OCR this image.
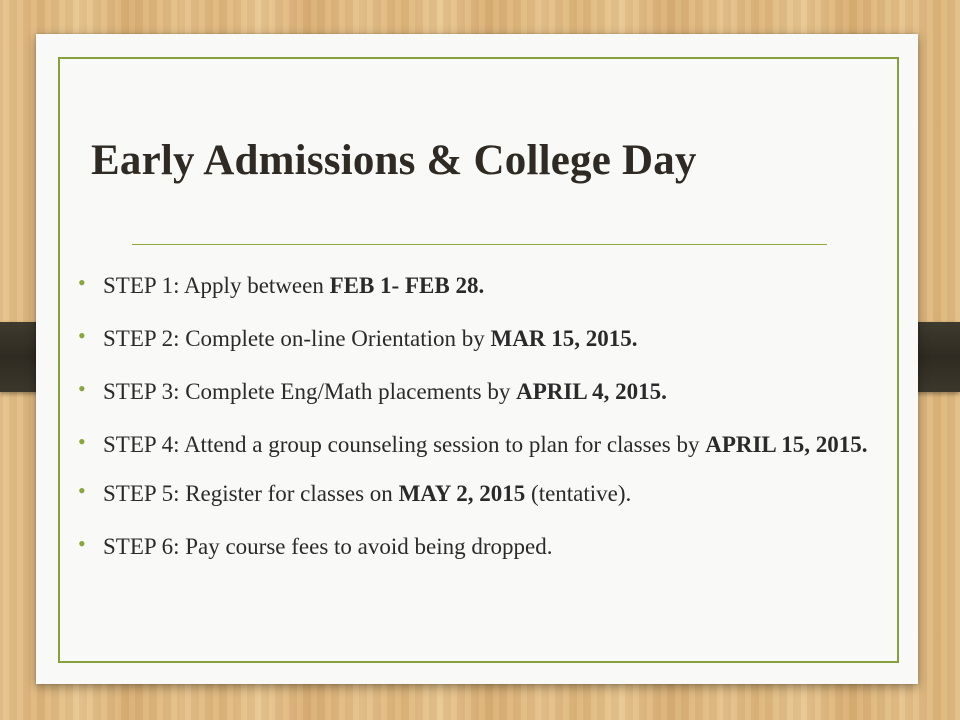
Early Admissions & College Day
• STEP 1: Apply between FEB 1- FEB 28.
• STEP 2: Complete on-line Orientation by MAR 15, 2015.
• STEP 3: Complete Eng/Math placements by APRIL 4, 2015.
• STEP 4: Attend a group counseling session to plan for classes by APRIL 15, 2015.
• STEP 5: Register for classes on MAY 2, 2015 (tentative).
• STEP 6: Pay course fees to avoid being dropped.
